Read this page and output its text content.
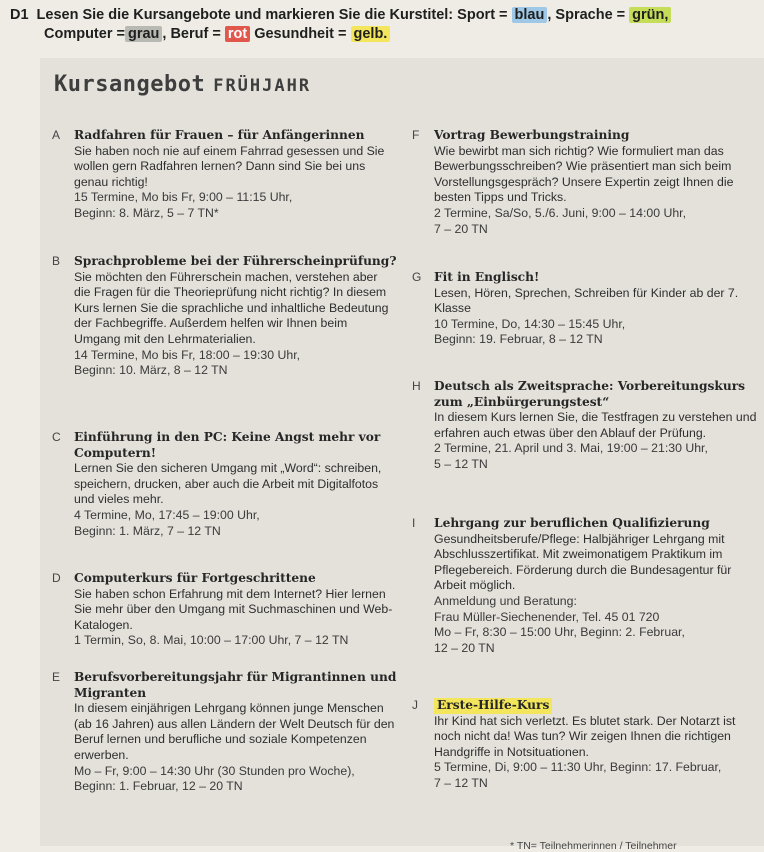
D1 Lesen Sie die Kursangebote und markieren Sie die Kurstitel: Sport = blau , Sprache = grün,
Computer =grau , Beruf = rot Gesundheit = gelb.
Kursangebot FRÜHJAHR
A	Radfahren für Frauen – für Anfängerinnen

Sie haben noch nie auf einem Fahrrad gesessen und Sie wollen gern Radfahren lernen? Dann sind Sie bei uns genau richtig!

15 Termine, Mo bis Fr, 9:00 – 11:15 Uhr,

Beginn: 8. März, 5 – 7 TN*

B	Sprachprobleme bei der Führerscheinprüfung?

Sie möchten den Führerschein machen, verstehen aber die Fragen für die Theorieprüfung nicht richtig? In diesem Kurs lernen Sie die sprachliche und inhaltliche Bedeutung der Fachbegriffe. Außerdem helfen wir Ihnen beim Umgang mit den Lehrmaterialien.

14 Termine, Mo bis Fr, 18:00 – 19:30 Uhr,

Beginn: 10. März, 8 – 12 TN

C	Einführung in den PC: Keine Angst mehr vor Computern!

Lernen Sie den sicheren Umgang mit „Word“: schreiben, speichern, drucken, aber auch die Arbeit mit Digitalfotos und vieles mehr.

4 Termine, Mo, 17:45 – 19:00 Uhr,

Beginn: 1. März, 7 – 12 TN

D	Computerkurs für Fortgeschrittene

Sie haben schon Erfahrung mit dem Internet? Hier lernen Sie mehr über den Umgang mit Suchmaschinen und Web-Katalogen.

1 Termin, So, 8. Mai, 10:00 – 17:00 Uhr, 7 – 12 TN

E	Berufsvorbereitungsjahr für Migrantinnen und Migranten

In diesem einjährigen Lehrgang können junge Menschen (ab 16 Jahren) aus allen Ländern der Welt Deutsch für den Beruf lernen und berufliche und soziale Kompetenzen erwerben.

Mo – Fr, 9:00 – 14:30 Uhr (30 Stunden pro Woche),

Beginn: 1. Februar, 12 – 20 TN

F	Vortrag Bewerbungstraining

Wie bewirbt man sich richtig? Wie formuliert man das Bewerbungsschreiben? Wie präsentiert man sich beim Vorstellungsgespräch? Unsere Expertin zeigt Ihnen die besten Tipps und Tricks.

2 Termine, Sa/So, 5./6. Juni, 9:00 – 14:00 Uhr,

7 – 20 TN

G	Fit in Englisch!

Lesen, Hören, Sprechen, Schreiben für Kinder ab der 7. Klasse

10 Termine, Do, 14:30 – 15:45 Uhr,

Beginn: 19. Februar, 8 – 12 TN

H	Deutsch als Zweitsprache: Vorbereitungskurs zum „Einbürgerungstest“

In diesem Kurs lernen Sie, die Testfragen zu verstehen und erfahren auch etwas über den Ablauf der Prüfung.

2 Termine, 21. April und 3. Mai, 19:00 – 21:30 Uhr,

5 – 12 TN

I	Lehrgang zur beruflichen Qualifizierung

Gesundheitsberufe/Pflege: Halbjähriger Lehrgang mit Abschlusszertifikat. Mit zweimonatigem Praktikum im Pflegebereich. Förderung durch die Bundesagentur für Arbeit möglich.

Anmeldung und Beratung:

Frau Müller-Siechenender, Tel. 45 01 720

Mo – Fr, 8:30 – 15:00 Uhr, Beginn: 2. Februar,

12 – 20 TN

J	Erste-Hilfe-Kurs

Ihr Kind hat sich verletzt. Es blutet stark. Der Notarzt ist noch nicht da! Was tun? Wir zeigen Ihnen die richtigen Handgriffe in Notsituationen.

5 Termine, Di, 9:00 – 11:30 Uhr, Beginn: 17. Februar,

7 – 12 TN

* TN= Teilnehmerinnen / Teilnehmer
